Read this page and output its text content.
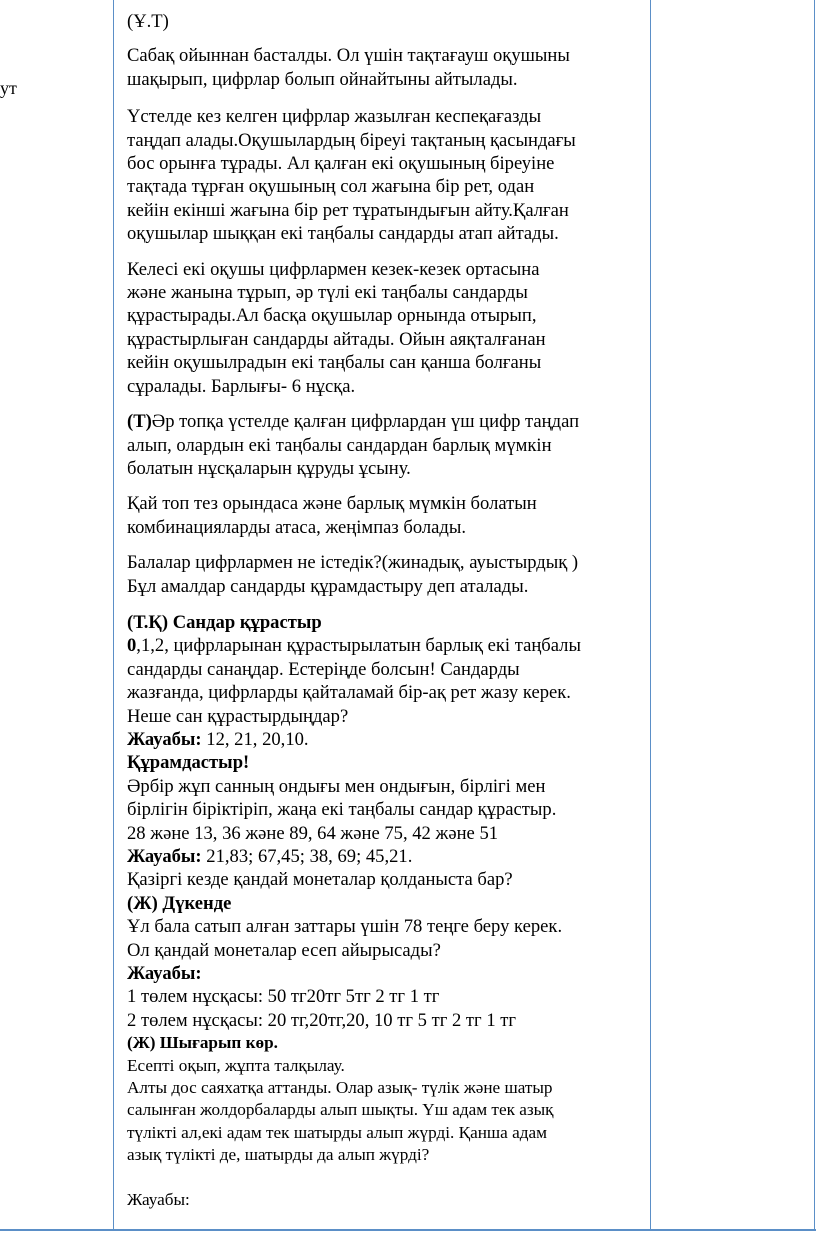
ут

(Ұ.Т)

Сабақ ойыннан басталды. Ол үшін тақтағауш оқушыны
шақырып, цифрлар болып ойнайтыны айтылады.

Үстелде кез келген цифрлар жазылған кеспеқағазды
таңдап алады.Оқушылардың біреуі тақтаның қасындағы
бос орынға тұрады. Ал қалған екі оқушының біреуіне
тақтада тұрған оқушының сол жағына бір рет, одан
кейін екінші жағына бір рет тұратындығын айту.Қалған
оқушылар шыққан екі таңбалы сандарды атап айтады.

Келесі екі оқушы цифрлармен кезек-кезек ортасына
және жанына тұрып, әр түлі екі таңбалы сандарды
құрастырады.Ал басқа оқушылар орнында отырып,
құрастырлыған сандарды айтады. Ойын аяқталғанан
кейін оқушылрадын екі таңбалы сан қанша болғаны
сұралады. Барлығы- 6 нұсқа.

(Т)Әр топқа үстелде қалған цифрлардан үш цифр таңдап
алып, олардын екі таңбалы сандардан барлық мүмкін
болатын нұсқаларын құруды ұсыну.

Қай топ тез орындаса және барлық мүмкін болатын
комбинацияларды атаса, жеңімпаз болады.

Балалар цифрлармен не істедік?(жинадық, ауыстырдық )
Бұл амалдар сандарды құрамдастыру деп аталады.

(Т.Қ) Сандар құрастыр
0,1,2, цифрларынан құрастырылатын барлық екі таңбалы
сандарды санаңдар. Естеріңде болсын! Сандарды
жазғанда, цифрларды қайталамай бір-ақ рет жазу керек.
Неше сан құрастырдыңдар?
Жауабы: 12, 21, 20,10.
Құрамдастыр!
Әрбір жұп санның ондығы мен ондығын, бірлігі мен
бірлігін біріктіріп, жаңа екі таңбалы сандар құрастыр.
28 және 13, 36 және 89, 64 және 75, 42 және 51
Жауабы: 21,83; 67,45; 38, 69; 45,21.
Қазіргі кезде қандай монеталар қолданыста бар?
(Ж) Дүкенде
Ұл бала сатып алған заттары үшін 78 теңге беру керек.
Ол қандай монеталар есеп айырысады?
Жауабы:
1 төлем нұсқасы: 50 тг20тг 5тг 2 тг 1 тг
2 төлем нұсқасы: 20 тг,20тг,20, 10 тг 5 тг 2 тг 1 тг

(Ж) Шығарып көр.
Есепті оқып, жұпта талқылау.
Алты дос саяхатқа аттанды. Олар азық- түлік және шатыр
салынған жолдорбаларды алып шықты. Үш адам тек азық
түлікті ал,екі адам тек шатырды алып жүрді. Қанша адам
азық түлікті де, шатырды да алып жүрді?

Жауабы:
